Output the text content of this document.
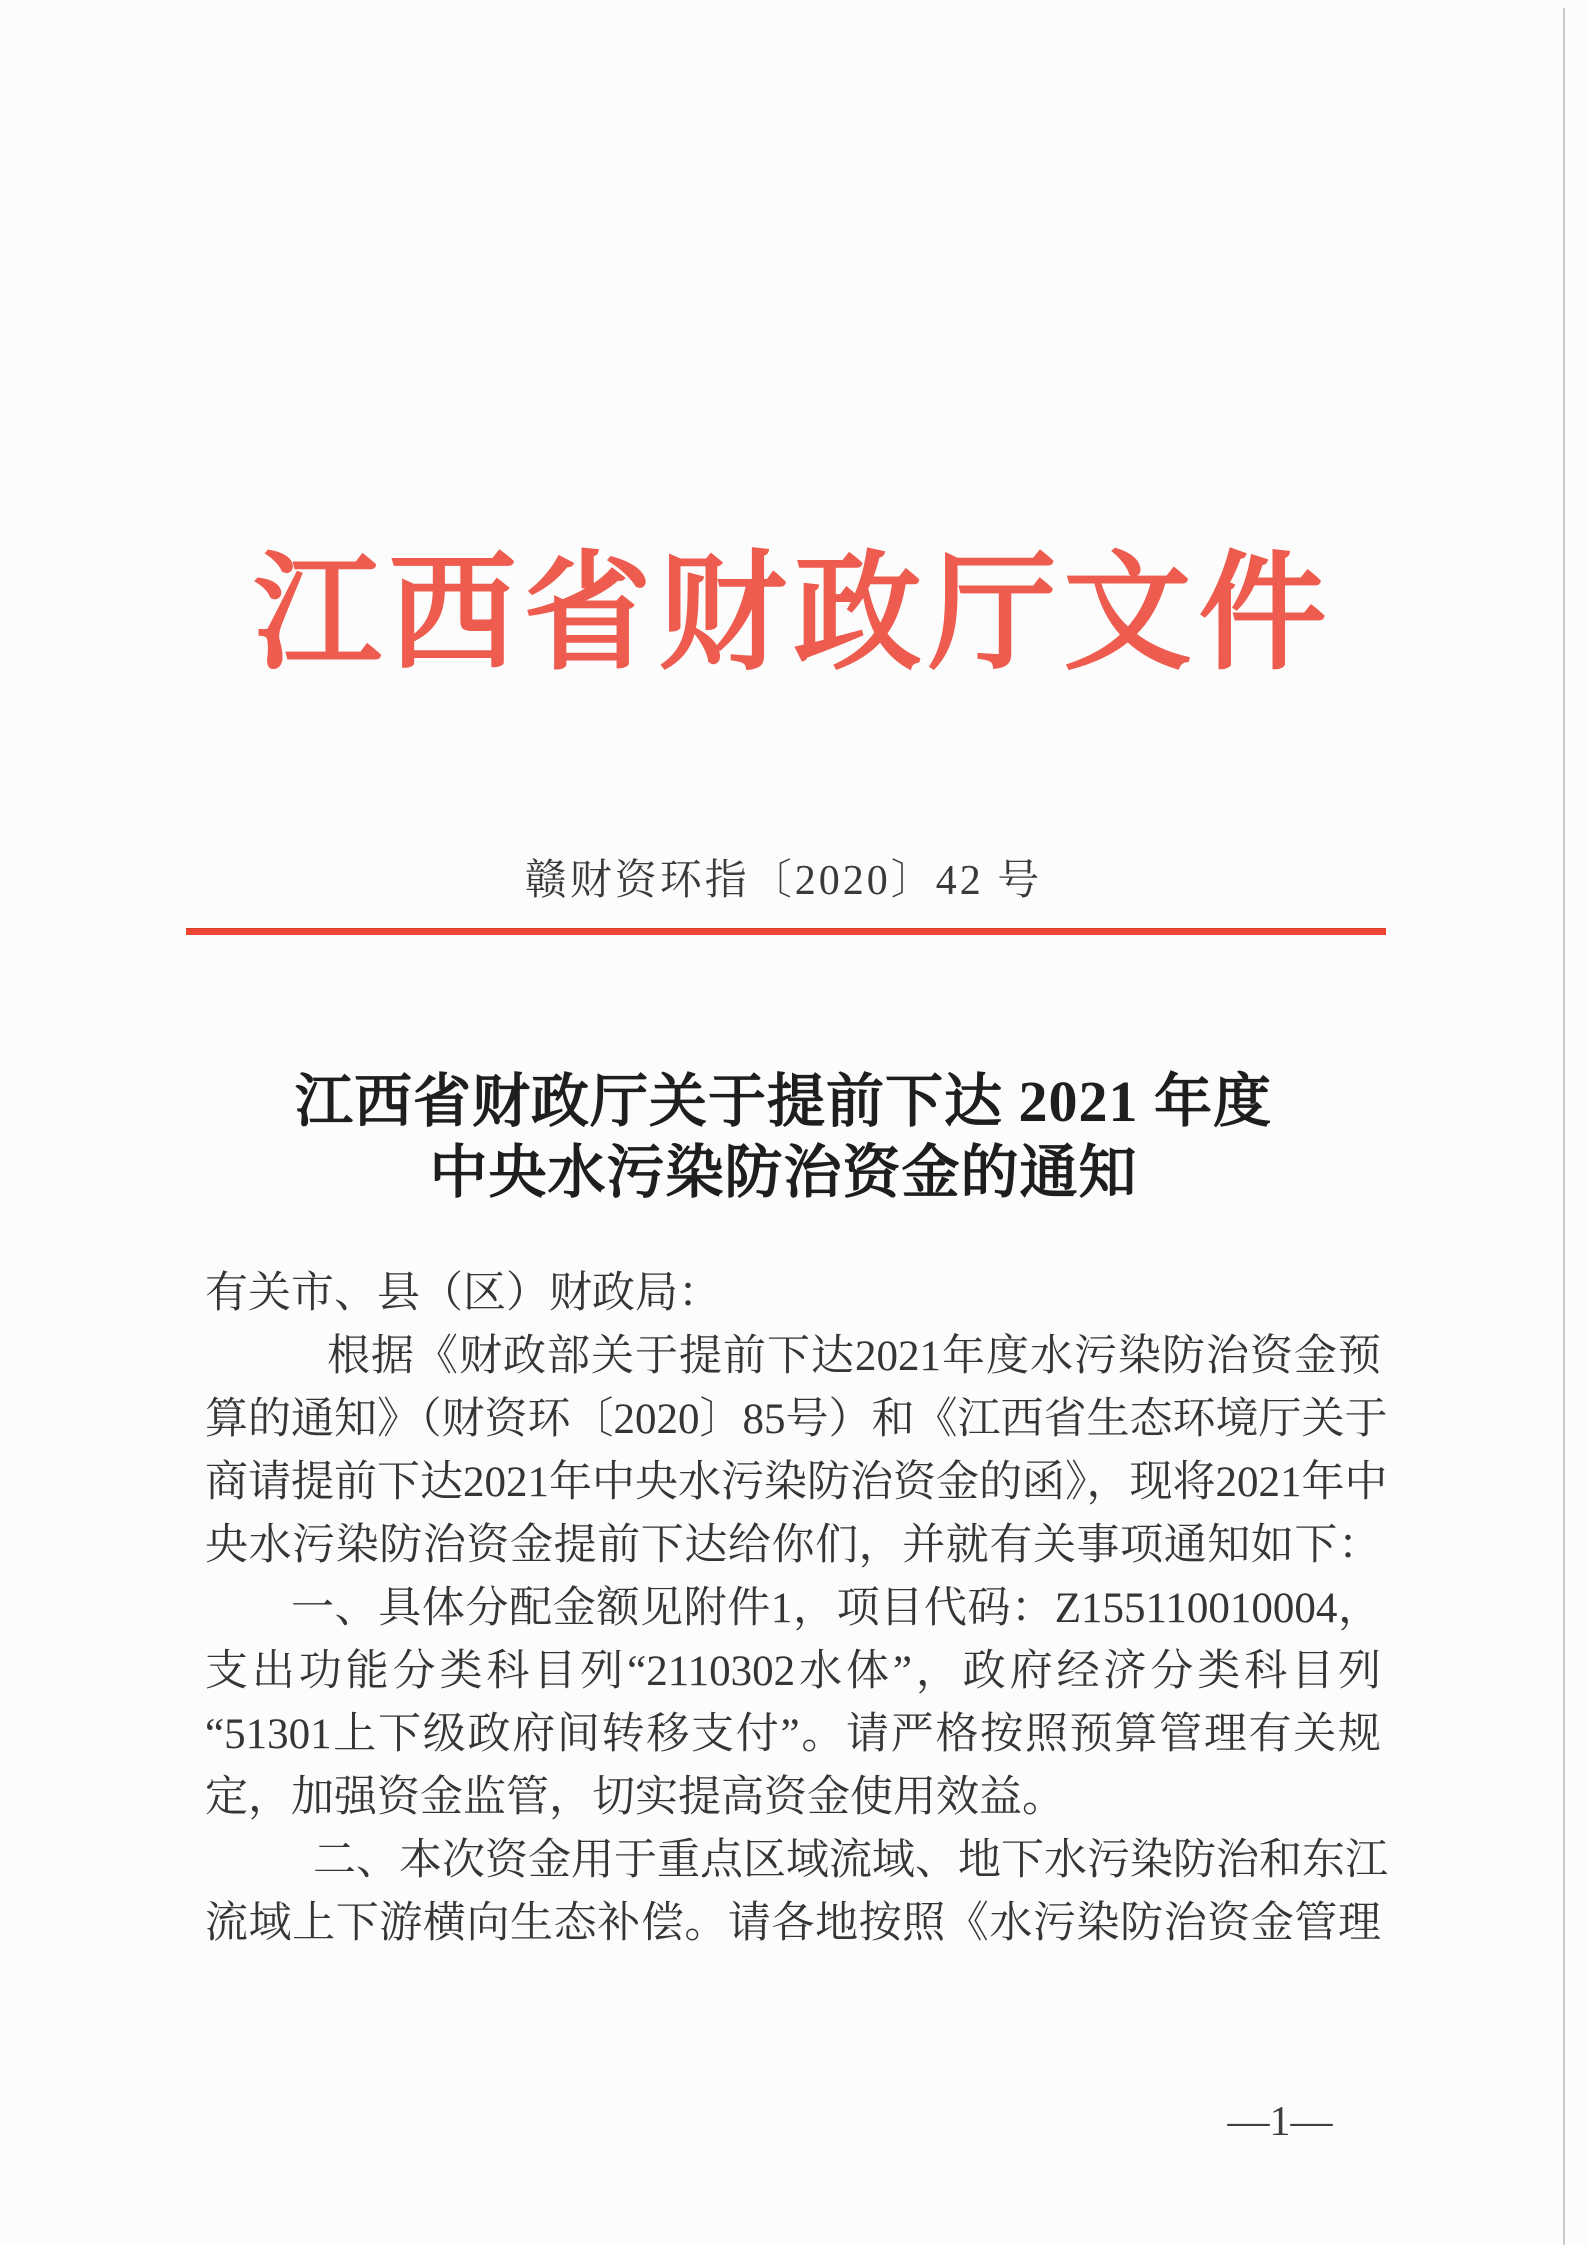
江西省财政厅文件
赣财资环指〔2020〕42 号
江西省财政厅关于提前下达 2021 年度
中央水污染防治资金的通知
有关市、县（区）财政局：
根据《财政部关于提前下达2021年度水污染防治资金预
算的通知》（财资环〔2020〕85号）和《江西省生态环境厅关于
商请提前下达2021年中央水污染防治资金的函》，现将2021年中
央水污染防治资金提前下达给你们，并就有关事项通知如下：
一、具体分配金额见附件1，项目代码：Z155110010004，
支出功能分类科目列“2110302水体”，政府经济分类科目列
“51301上下级政府间转移支付”。请严格按照预算管理有关规
定，加强资金监管，切实提高资金使用效益。
二、本次资金用于重点区域流域、地下水污染防治和东江
流域上下游横向生态补偿。请各地按照《水污染防治资金管理
—1—
